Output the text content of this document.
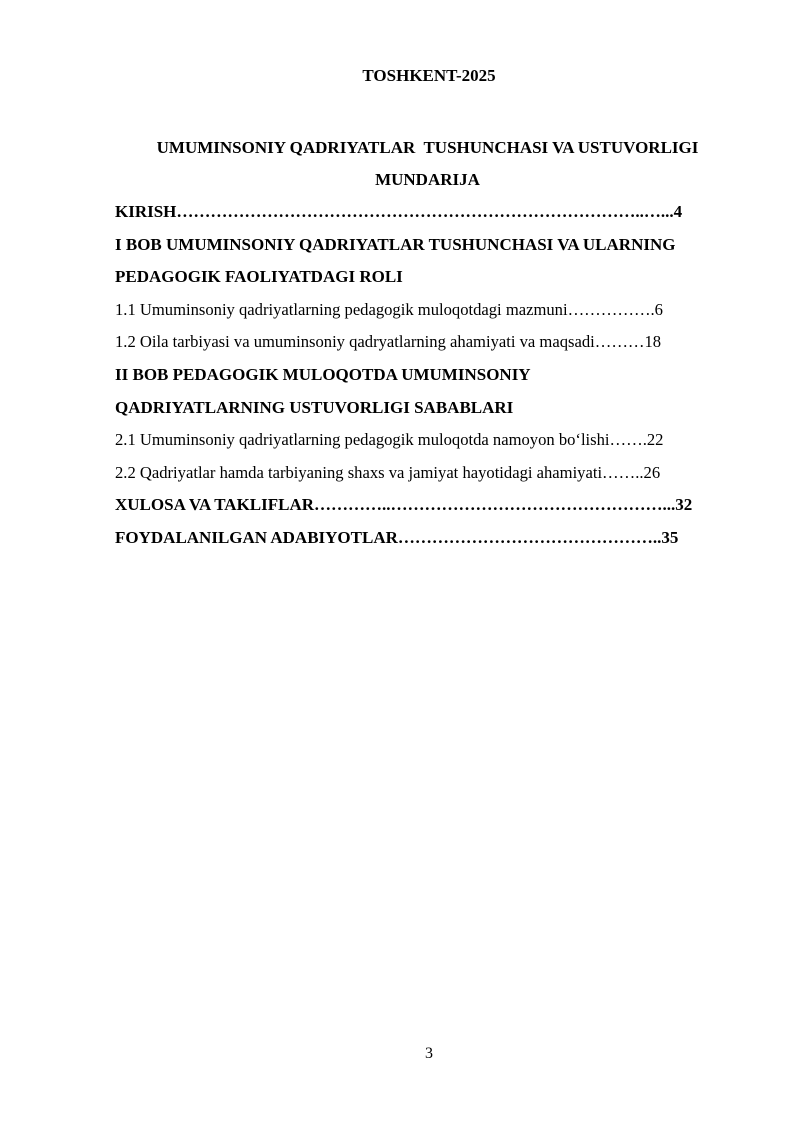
TOSHKENT-2025
UMUMINSONIY QADRIYATLAR  TUSHUNCHASI VA USTUVORLIGI
MUNDARIJA
KIRISH………………………………………………………………………..…...4
I BOB UMUMINSONIY QADRIYATLAR TUSHUNCHASI VA ULARNING
PEDAGOGIK FAOLIYATDAGI ROLI
1.1 Umuminsoniy qadriyatlarning pedagogik muloqotdagi mazmuni…………….6
1.2 Oila tarbiyasi va umuminsoniy qadryatlarning ahamiyati va maqsadi………18
II BOB PEDAGOGIK MULOQOTDA UMUMINSONIY
QADRIYATLARNING USTUVORLIGI SABABLARI
2.1 Umuminsoniy qadriyatlarning pedagogik muloqotda namoyon bo‘lishi…….22
2.2 Qadriyatlar hamda tarbiyaning shaxs va jamiyat hayotidagi ahamiyati……..26
XULOSA VA TAKLIFLAR…………..…………………………………………...32
FOYDALANILGAN ADABIYOTLAR………………………………………..35
3
